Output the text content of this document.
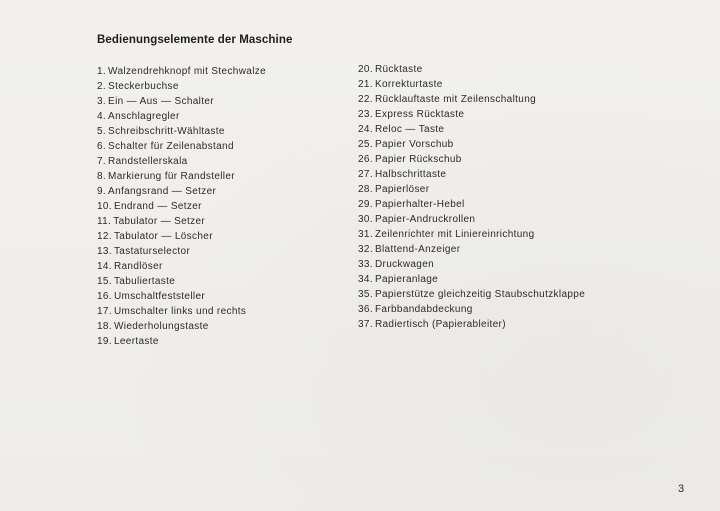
Bedienungselemente der Maschine
1. Walzendrehknopf mit Stechwalze
2. Steckerbuchse
3. Ein — Aus — Schalter
4. Anschlagregler
5. Schreibschritt-Wähltaste
6. Schalter für Zeilenabstand
7. Randstellerskala
8. Markierung für Randsteller
9. Anfangsrand — Setzer
10. Endrand — Setzer
11. Tabulator — Setzer
12. Tabulator — Löscher
13. Tastaturselector
14. Randlöser
15. Tabuliertaste
16. Umschaltfeststeller
17. Umschalter links und rechts
18. Wiederholungstaste
19. Leertaste
20. Rücktaste
21. Korrekturtaste
22. Rücklauftaste mit Zeilenschaltung
23. Express Rücktaste
24. Reloc — Taste
25. Papier Vorschub
26. Papier Rückschub
27. Halbschrittaste
28. Papierlöser
29. Papierhalter-Hebel
30. Papier-Andruckrollen
31. Zeilenrichter mit Liniereinrichtung
32. Blattend-Anzeiger
33. Druckwagen
34. Papieranlage
35. Papierstütze gleichzeitig Staubschutzklappe
36. Farbbandabdeckung
37. Radiertisch (Papierableiter)
3
